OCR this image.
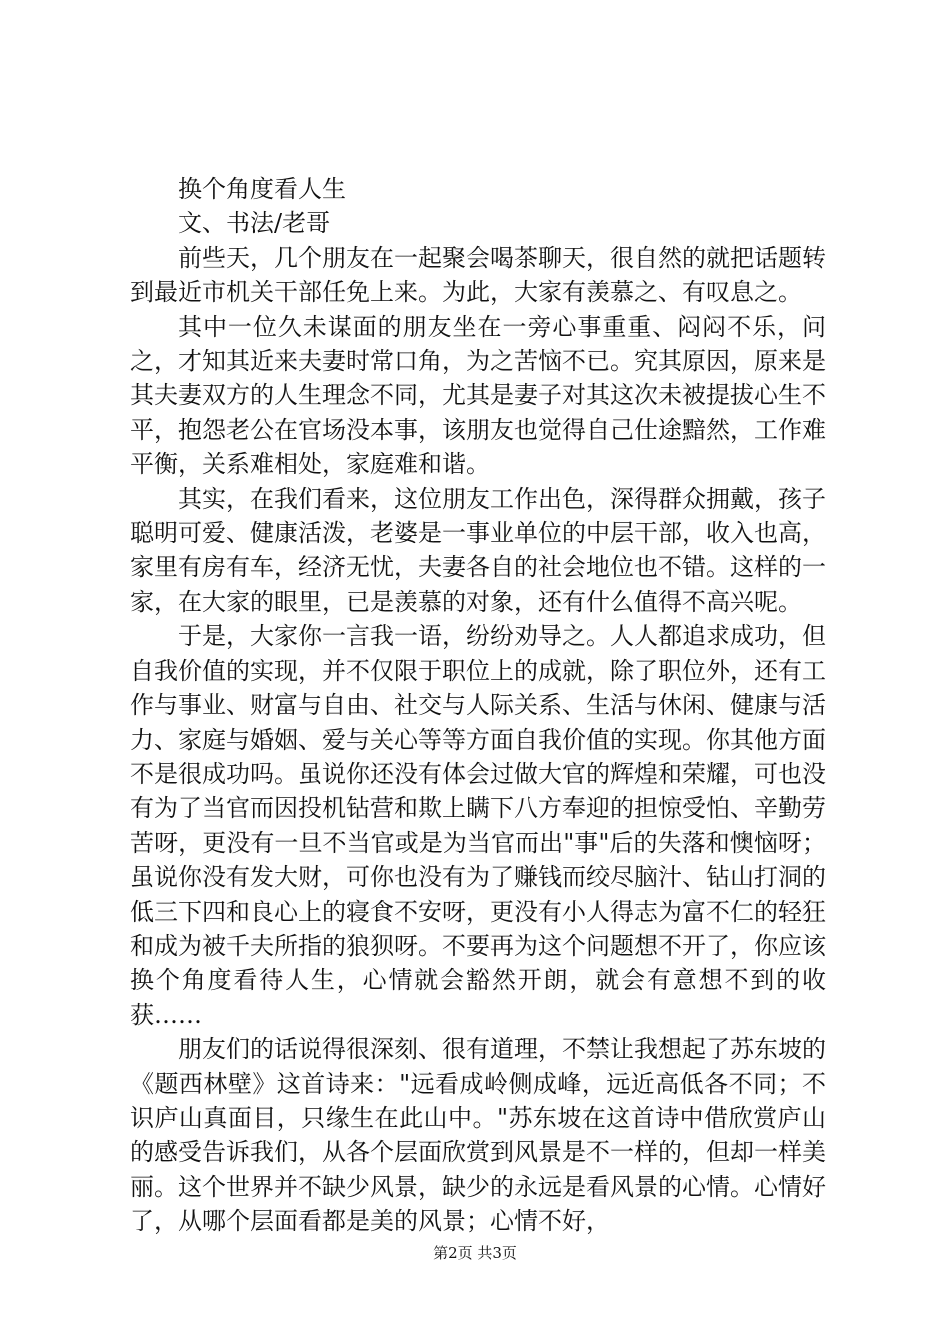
换个角度看人生

文、书法/老哥

前些天，几个朋友在一起聚会喝茶聊天，很自然的就把话题转到最近市机关干部任免上来。为此，大家有羡慕之、有叹息之。

其中一位久未谋面的朋友坐在一旁心事重重、闷闷不乐，问之，才知其近来夫妻时常口角，为之苦恼不已。究其原因，原来是其夫妻双方的人生理念不同，尤其是妻子对其这次未被提拔心生不平，抱怨老公在官场没本事，该朋友也觉得自己仕途黯然，工作难平衡，关系难相处，家庭难和谐。

其实，在我们看来，这位朋友工作出色，深得群众拥戴，孩子聪明可爱、健康活泼，老婆是一事业单位的中层干部，收入也高，家里有房有车，经济无忧，夫妻各自的社会地位也不错。这样的一家，在大家的眼里，已是羡慕的对象，还有什么值得不高兴呢。

于是，大家你一言我一语，纷纷劝导之。人人都追求成功，但自我价值的实现，并不仅限于职位上的成就，除了职位外，还有工作与事业、财富与自由、社交与人际关系、生活与休闲、健康与活力、家庭与婚姻、爱与关心等等方面自我价值的实现。你其他方面不是很成功吗。虽说你还没有体会过做大官的辉煌和荣耀，可也没有为了当官而因投机钻营和欺上瞒下八方奉迎的担惊受怕、辛勤劳苦呀，更没有一旦不当官或是为当官而出"事"后的失落和懊恼呀；虽说你没有发大财，可你也没有为了赚钱而绞尽脑汁、钻山打洞的低三下四和良心上的寝食不安呀，更没有小人得志为富不仁的轻狂和成为被千夫所指的狼狈呀。不要再为这个问题想不开了，你应该换个角度看待人生，心情就会豁然开朗，就会有意想不到的收获……

朋友们的话说得很深刻、很有道理，不禁让我想起了苏东坡的《题西林壁》这首诗来："远看成岭侧成峰，远近高低各不同；不识庐山真面目，只缘生在此山中。"苏东坡在这首诗中借欣赏庐山的感受告诉我们，从各个层面欣赏到风景是不一样的，但却一样美丽。这个世界并不缺少风景，缺少的永远是看风景的心情。心情好了，从哪个层面看都是美的风景；心情不好，

第2页 共3页
